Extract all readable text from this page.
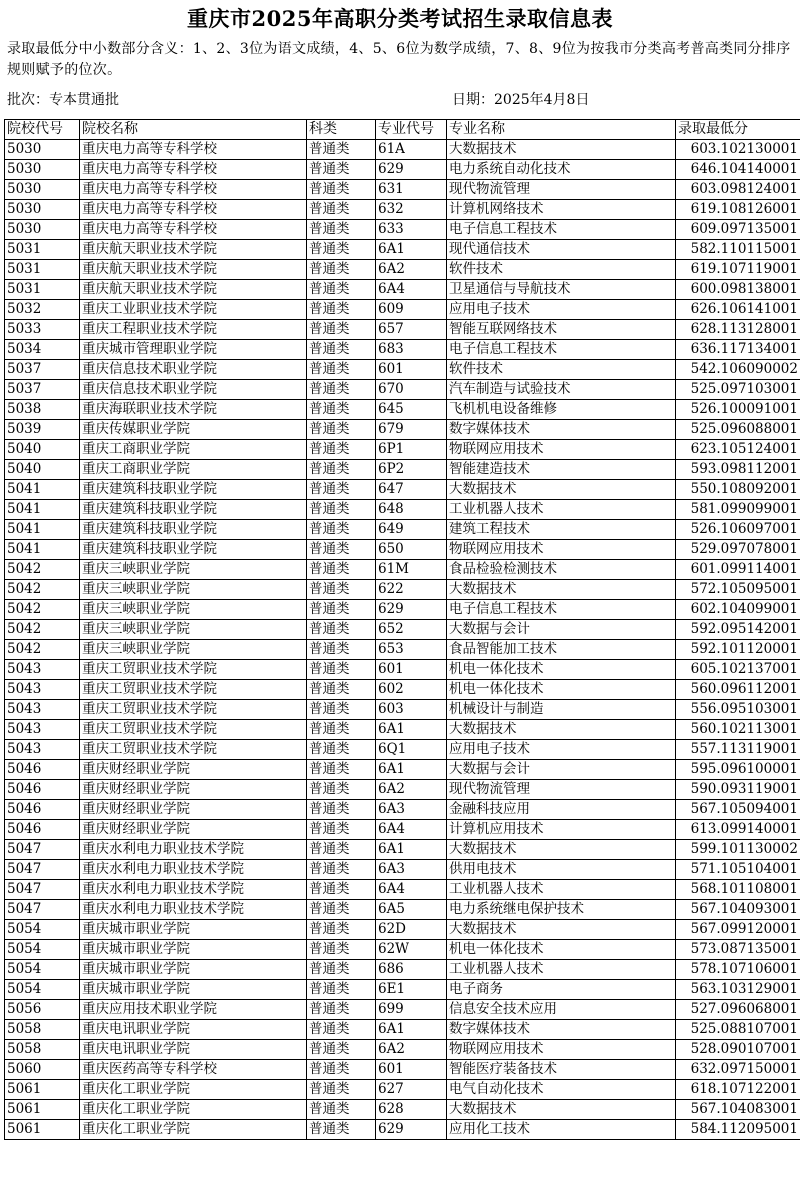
重庆市2025年高职分类考试招生录取信息表
录取最低分中小数部分含义：1、2、3位为语文成绩，4、5、6位为数学成绩，7、8、9位为按我市分类高考普高类同分排序规则赋予的位次。
批次：专本贯通批	日期：2025年4月8日
院校代号	院校名称	科类	专业代号	专业名称	录取最低分
5030	重庆电力高等专科学校	普通类	61A	大数据技术	603.102130001
5030	重庆电力高等专科学校	普通类	629	电力系统自动化技术	646.104140001
5030	重庆电力高等专科学校	普通类	631	现代物流管理	603.098124001
5030	重庆电力高等专科学校	普通类	632	计算机网络技术	619.108126001
5030	重庆电力高等专科学校	普通类	633	电子信息工程技术	609.097135001
5031	重庆航天职业技术学院	普通类	6A1	现代通信技术	582.110115001
5031	重庆航天职业技术学院	普通类	6A2	软件技术	619.107119001
5031	重庆航天职业技术学院	普通类	6A4	卫星通信与导航技术	600.098138001
5032	重庆工业职业技术学院	普通类	609	应用电子技术	626.106141001
5033	重庆工程职业技术学院	普通类	657	智能互联网络技术	628.113128001
5034	重庆城市管理职业学院	普通类	683	电子信息工程技术	636.117134001
5037	重庆信息技术职业学院	普通类	601	软件技术	542.106090002
5037	重庆信息技术职业学院	普通类	670	汽车制造与试验技术	525.097103001
5038	重庆海联职业技术学院	普通类	645	飞机机电设备维修	526.100091001
5039	重庆传媒职业学院	普通类	679	数字媒体技术	525.096088001
5040	重庆工商职业学院	普通类	6P1	物联网应用技术	623.105124001
5040	重庆工商职业学院	普通类	6P2	智能建造技术	593.098112001
5041	重庆建筑科技职业学院	普通类	647	大数据技术	550.108092001
5041	重庆建筑科技职业学院	普通类	648	工业机器人技术	581.099099001
5041	重庆建筑科技职业学院	普通类	649	建筑工程技术	526.106097001
5041	重庆建筑科技职业学院	普通类	650	物联网应用技术	529.097078001
5042	重庆三峡职业学院	普通类	61M	食品检验检测技术	601.099114001
5042	重庆三峡职业学院	普通类	622	大数据技术	572.105095001
5042	重庆三峡职业学院	普通类	629	电子信息工程技术	602.104099001
5042	重庆三峡职业学院	普通类	652	大数据与会计	592.095142001
5042	重庆三峡职业学院	普通类	653	食品智能加工技术	592.101120001
5043	重庆工贸职业技术学院	普通类	601	机电一体化技术	605.102137001
5043	重庆工贸职业技术学院	普通类	602	机电一体化技术	560.096112001
5043	重庆工贸职业技术学院	普通类	603	机械设计与制造	556.095103001
5043	重庆工贸职业技术学院	普通类	6A1	大数据技术	560.102113001
5043	重庆工贸职业技术学院	普通类	6Q1	应用电子技术	557.113119001
5046	重庆财经职业学院	普通类	6A1	大数据与会计	595.096100001
5046	重庆财经职业学院	普通类	6A2	现代物流管理	590.093119001
5046	重庆财经职业学院	普通类	6A3	金融科技应用	567.105094001
5046	重庆财经职业学院	普通类	6A4	计算机应用技术	613.099140001
5047	重庆水利电力职业技术学院	普通类	6A1	大数据技术	599.101130002
5047	重庆水利电力职业技术学院	普通类	6A3	供用电技术	571.105104001
5047	重庆水利电力职业技术学院	普通类	6A4	工业机器人技术	568.101108001
5047	重庆水利电力职业技术学院	普通类	6A5	电力系统继电保护技术	567.104093001
5054	重庆城市职业学院	普通类	62D	大数据技术	567.099120001
5054	重庆城市职业学院	普通类	62W	机电一体化技术	573.087135001
5054	重庆城市职业学院	普通类	686	工业机器人技术	578.107106001
5054	重庆城市职业学院	普通类	6E1	电子商务	563.103129001
5056	重庆应用技术职业学院	普通类	699	信息安全技术应用	527.096068001
5058	重庆电讯职业学院	普通类	6A1	数字媒体技术	525.088107001
5058	重庆电讯职业学院	普通类	6A2	物联网应用技术	528.090107001
5060	重庆医药高等专科学校	普通类	601	智能医疗装备技术	632.097150001
5061	重庆化工职业学院	普通类	627	电气自动化技术	618.107122001
5061	重庆化工职业学院	普通类	628	大数据技术	567.104083001
5061	重庆化工职业学院	普通类	629	应用化工技术	584.112095001
